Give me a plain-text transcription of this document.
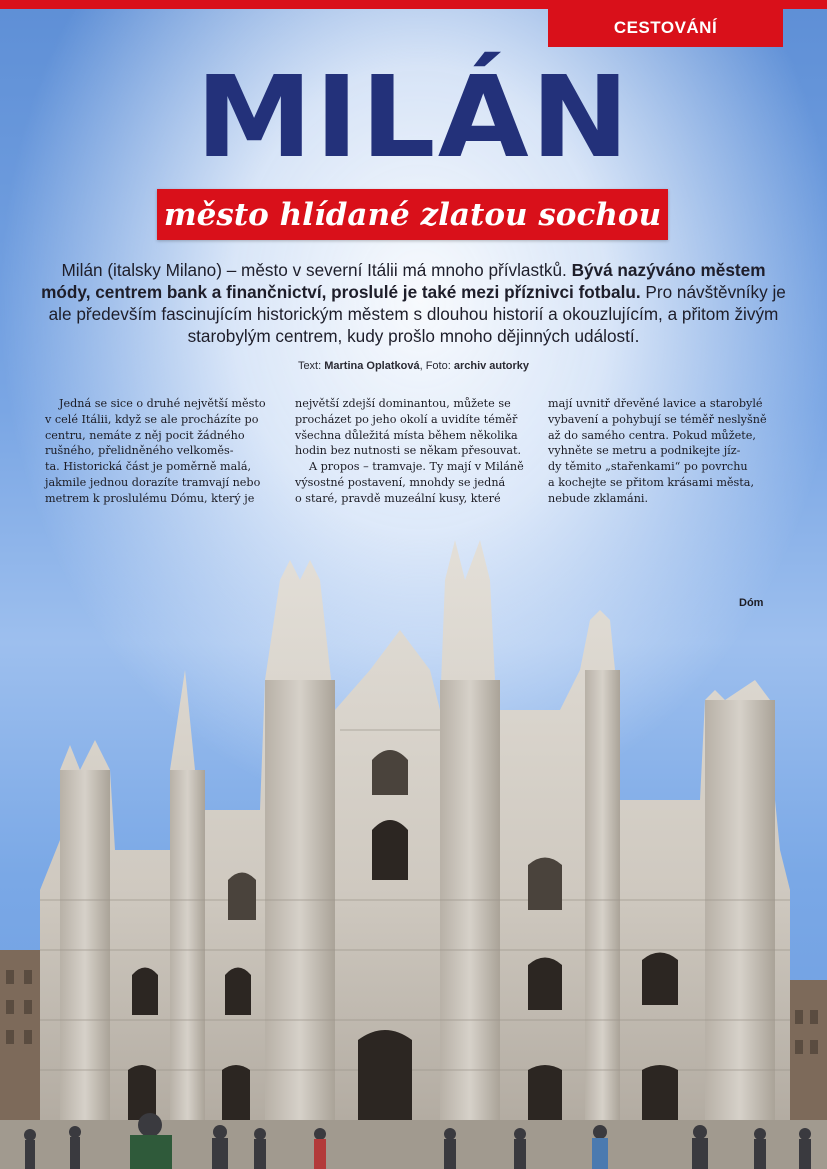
CESTOVÁNÍ
MILÁN
město hlídané zlatou sochou
Milán (italsky Milano) – město v severní Itálii má mnoho přívlastků. Bývá nazýváno městem módy, centrem bank a finančnictví, proslulé je také mezi příznivci fotbalu. Pro návštěvníky je ale především fascinujícím historickým městem s dlouhou historií a okouzlujícím, a přitom živým starobylým centrem, kudy prošlo mnoho dějinných událostí.
Text: Martina Oplatková, Foto: archiv autorky

Jedná se sice o druhé největší město

v celé Itálii, když se ale procházíte po

centru, nemáte z něj pocit žádného

rušného, přelidněného velkoměs-

ta. Historická část je poměrně malá,

jakmile jednou dorazíte tramvají nebo

metrem k proslulému Dómu, který je

největší zdejší dominantou, můžete se

procházet po jeho okolí a uvidíte téměř

všechna důležitá místa během několika

hodin bez nutnosti se někam přesouvat.

A propos – tramvaje. Ty mají v Miláně

výsostné postavení, mnohdy se jedná

o staré, pravdě muzeální kusy, které

mají uvnitř dřevěné lavice a starobylé

vybavení a pohybují se téměř neslyšně

až do samého centra. Pokud můžete,

vyhněte se metru a podnikejte jíz-

dy těmito „stařenkami“ po povrchu

a kochejte se přitom krásami města,

nebude zklamáni.

Dóm
